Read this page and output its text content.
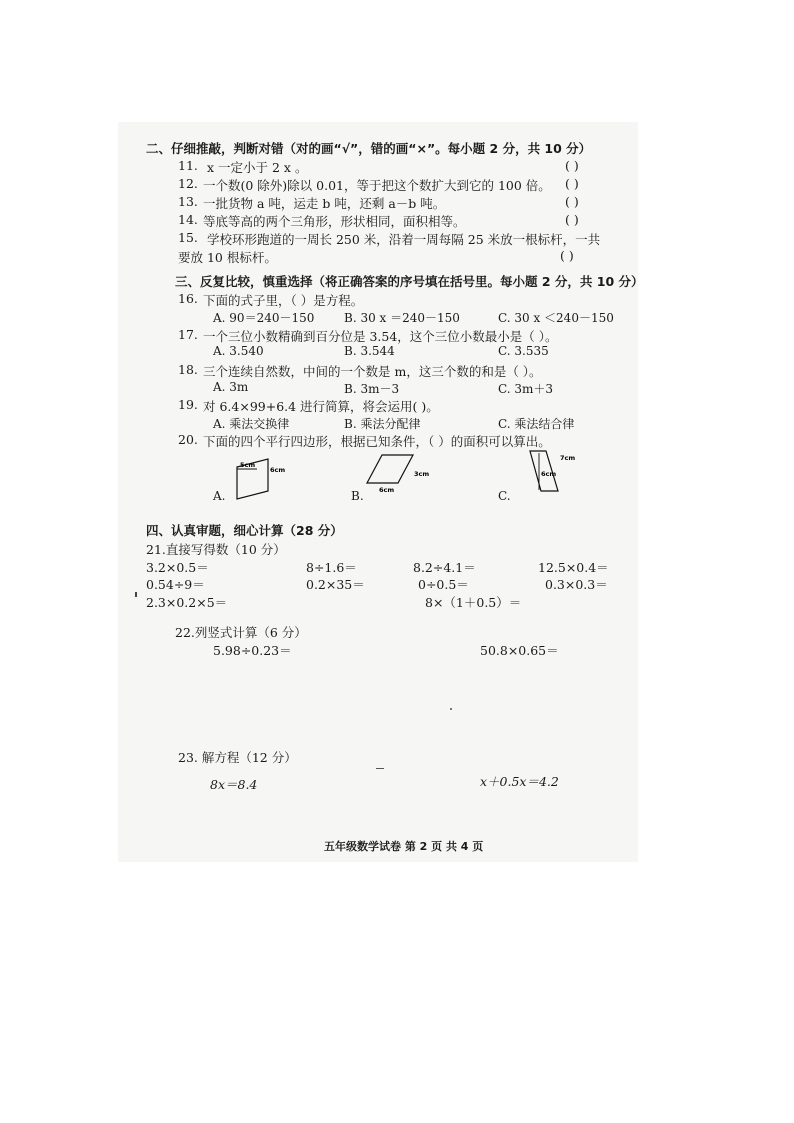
二、仔细推敲，判断对错（对的画“√”，错的画“×”。每小题 2 分，共 10 分）
11. x 一定小于 2 x 。	( )
12. 一个数(0 除外)除以 0.01，等于把这个数扩大到它的 100 倍。 ( )
13. 一批货物 a 吨，运走 b 吨，还剩 a－b 吨。	( )
14. 等底等高的两个三角形，形状相同，面积相等。	( )
15. 学校环形跑道的一周长 250 米，沿着一周每隔 25 米放一根标杆，一共
要放 10 根标杆。	( )
三、反复比较，慎重选择（将正确答案的序号填在括号里。每小题 2 分，共 10 分）
16. 下面的式子里，（ ）是方程。
A. 90＝240－150 B. 30 x ＝240－150	C. 30 x ＜240－150
17. 一个三位小数精确到百分位是 3.54，这个三位小数最小是（ ）。
A. 3.540	B. 3.544	C. 3.535
18. 三个连续自然数，中间的一个数是 m，这三个数的和是（ ）。
A. 3m	B. 3m－3	C. 3m＋3
19. 对 6.4×99+6.4 进行简算，将会运用( )。
A. 乘法交换律	B. 乘法分配律	C. 乘法结合律
20. 下面的四个平行四边形，根据已知条件，（ ）的面积可以算出。
5cm
6cm
A.
3cm
6cm
B.
7cm
6cm
C.
四、认真审题，细心计算（28 分）
21.直接写得数（10 分）
3.2×0.5＝	8÷1.6＝	8.2÷4.1＝	12.5×0.4＝
0.54÷9＝	0.2×35＝	0÷0.5＝	0.3×0.3＝
2.3×0.2×5＝	8×（1＋0.5）＝
22.列竖式计算（6 分）
5.98÷0.23＝	50.8×0.65＝
23. 解方程（12 分）
8x＝8.4	x＋0.5x＝4.2
五年级数学试卷 第 2 页 共 4 页
